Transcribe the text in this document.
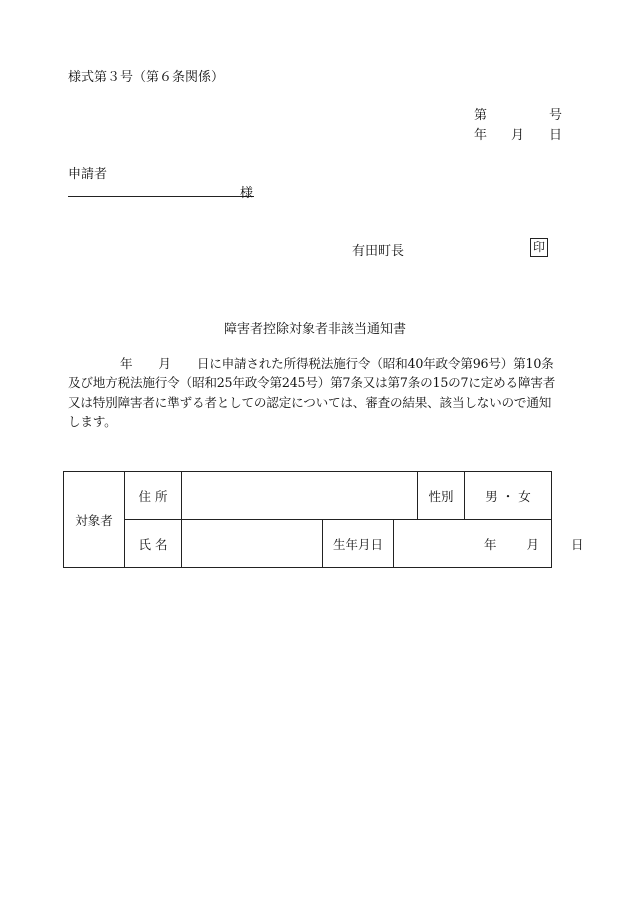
様式第３号（第６条関係）
第	号
年 月 日
申請者
様
有田町長	印
障害者控除対象者非該当通知書
年 月 日に申請された所得税法施行令（昭和40年政令第96号）第10条及び地方税法施行令（昭和25年政令第245号）第7条又は第7条の15の7に定める障害者又は特別障害者に準ずる者としての認定については、審査の結果、該当しないので通知します。
対象者	住 所				性別	男 ・ 女
	氏 名		生年月日	年 月 日		
